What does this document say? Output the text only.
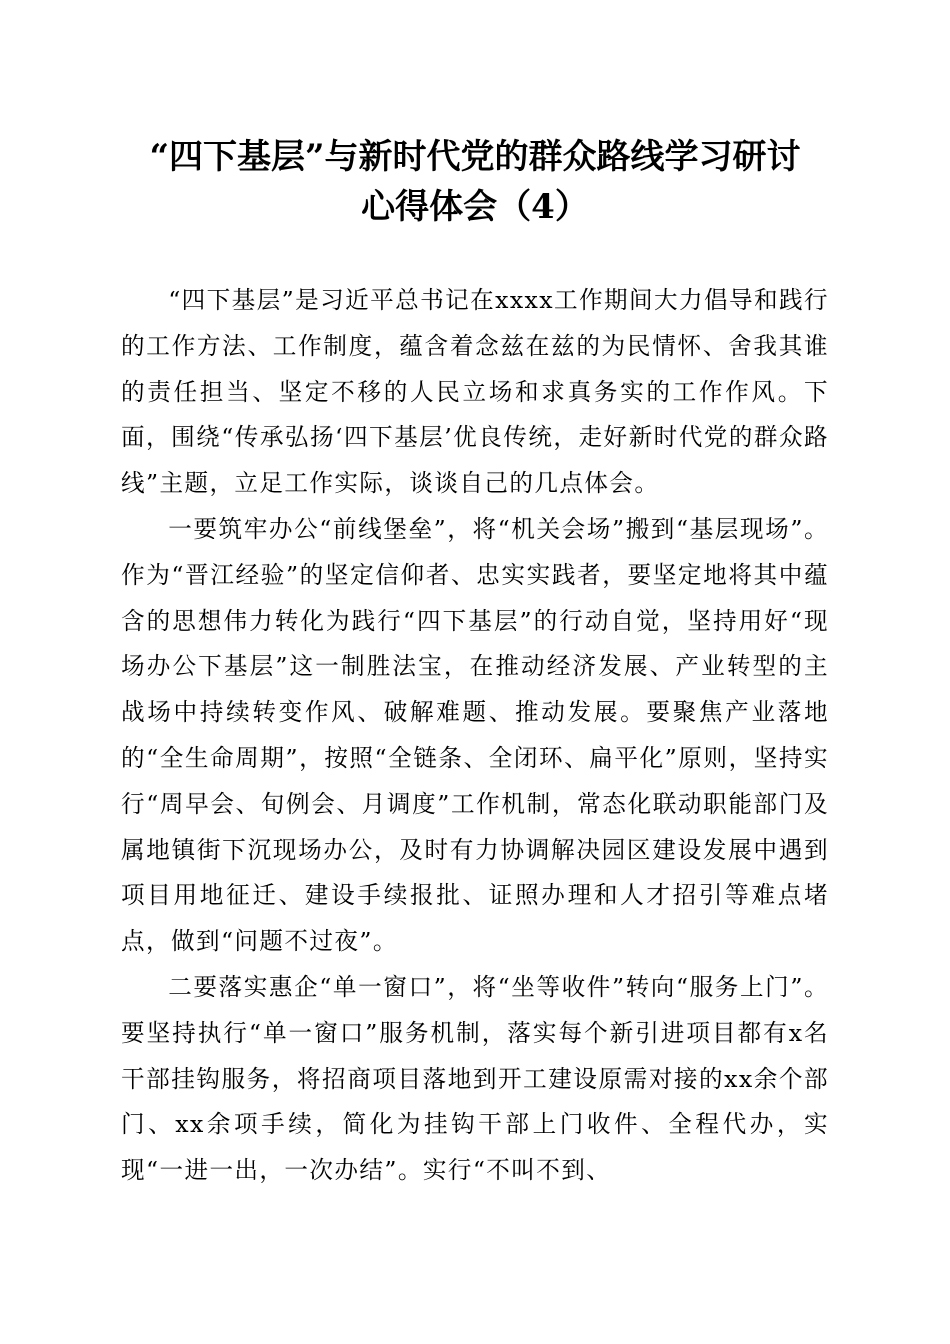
“四下基层”与新时代党的群众路线学习研讨
心得体会（4）

“四下基层”是习近平总书记在xxxx工作期间大力倡导和践行的工作方法、工作制度，蕴含着念兹在兹的为民情怀、舍我其谁的责任担当、坚定不移的人民立场和求真务实的工作作风。下面，围绕“传承弘扬‘四下基层’优良传统，走好新时代党的群众路线”主题，立足工作实际，谈谈自己的几点体会。

一要筑牢办公“前线堡垒”，将“机关会场”搬到“基层现场”。作为“晋江经验”的坚定信仰者、忠实实践者，要坚定地将其中蕴含的思想伟力转化为践行“四下基层”的行动自觉，坚持用好“现场办公下基层”这一制胜法宝，在推动经济发展、产业转型的主战场中持续转变作风、破解难题、推动发展。要聚焦产业落地的“全生命周期”，按照“全链条、全闭环、扁平化”原则，坚持实行“周早会、旬例会、月调度”工作机制，常态化联动职能部门及属地镇街下沉现场办公，及时有力协调解决园区建设发展中遇到项目用地征迁、建设手续报批、证照办理和人才招引等难点堵点，做到“问题不过夜”。

二要落实惠企“单一窗口”，将“坐等收件”转向“服务上门”。要坚持执行“单一窗口”服务机制，落实每个新引进项目都有x名干部挂钩服务，将招商项目落地到开工建设原需对接的xx余个部门、xx余项手续，简化为挂钩干部上门收件、全程代办，实现“一进一出，一次办结”。实行“不叫不到、
